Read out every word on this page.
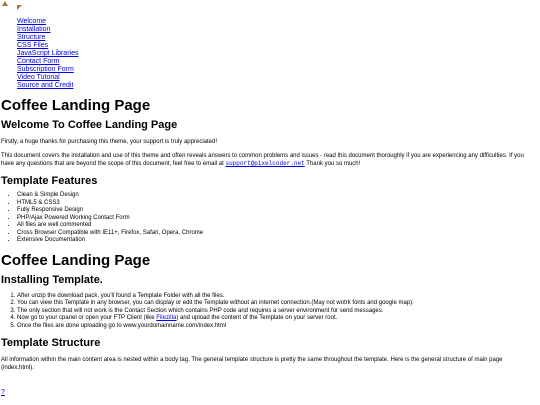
Welcome
Installation
Structure
CSS Files
JavaScript Libraries
Contact Form
Subscription Form
Video Tutorial
Source and Credit
Coffee Landing Page
Welcome To Coffee Landing Page

Firstly, a huge thanks for purchasing this theme, your support is truly appreciated!

This document covers the installation and use of this theme and often reveals answers to common problems and issues - read this document thoroughly if you are experiencing any difficulties. If you have any questions that are beyond the scope of this document, feel free to email at support@pixelcoder.net Thank you so much!

Template Features
• Clean & Simple Design
• HTML5 & CSS3
• Fully Responsive Design
• PHP/Ajax Powered Working Contact Form
• All files are well commented
• Cross Browser Compatible with IE11+, Firefox, Safari, Opera, Chrome
• Extensive Documentation
Coffee Landing Page
Installing Template.
1. After unzip the download pack, you'll found a Template Folder with all the files.
2. You can view this Template in any browser, you can display or edit the Template without an internet connection.(May not wotrk fonts and google map).
3. The only section that will not work is the Contact Section which contains PHP code and requires a server environment for send messages.
4. Now go to your cpanel or open your FTP Client (like Filezilla) and upload the content of the Template on your server root.
5. Once the files are done uploading go to www.yourdomainname.com/index.html
Template Structure

All information within the main content area is nested within a body tag. The general template structure is pretty the same throughout the template. Here is the general structure of main page (index.html).

?
